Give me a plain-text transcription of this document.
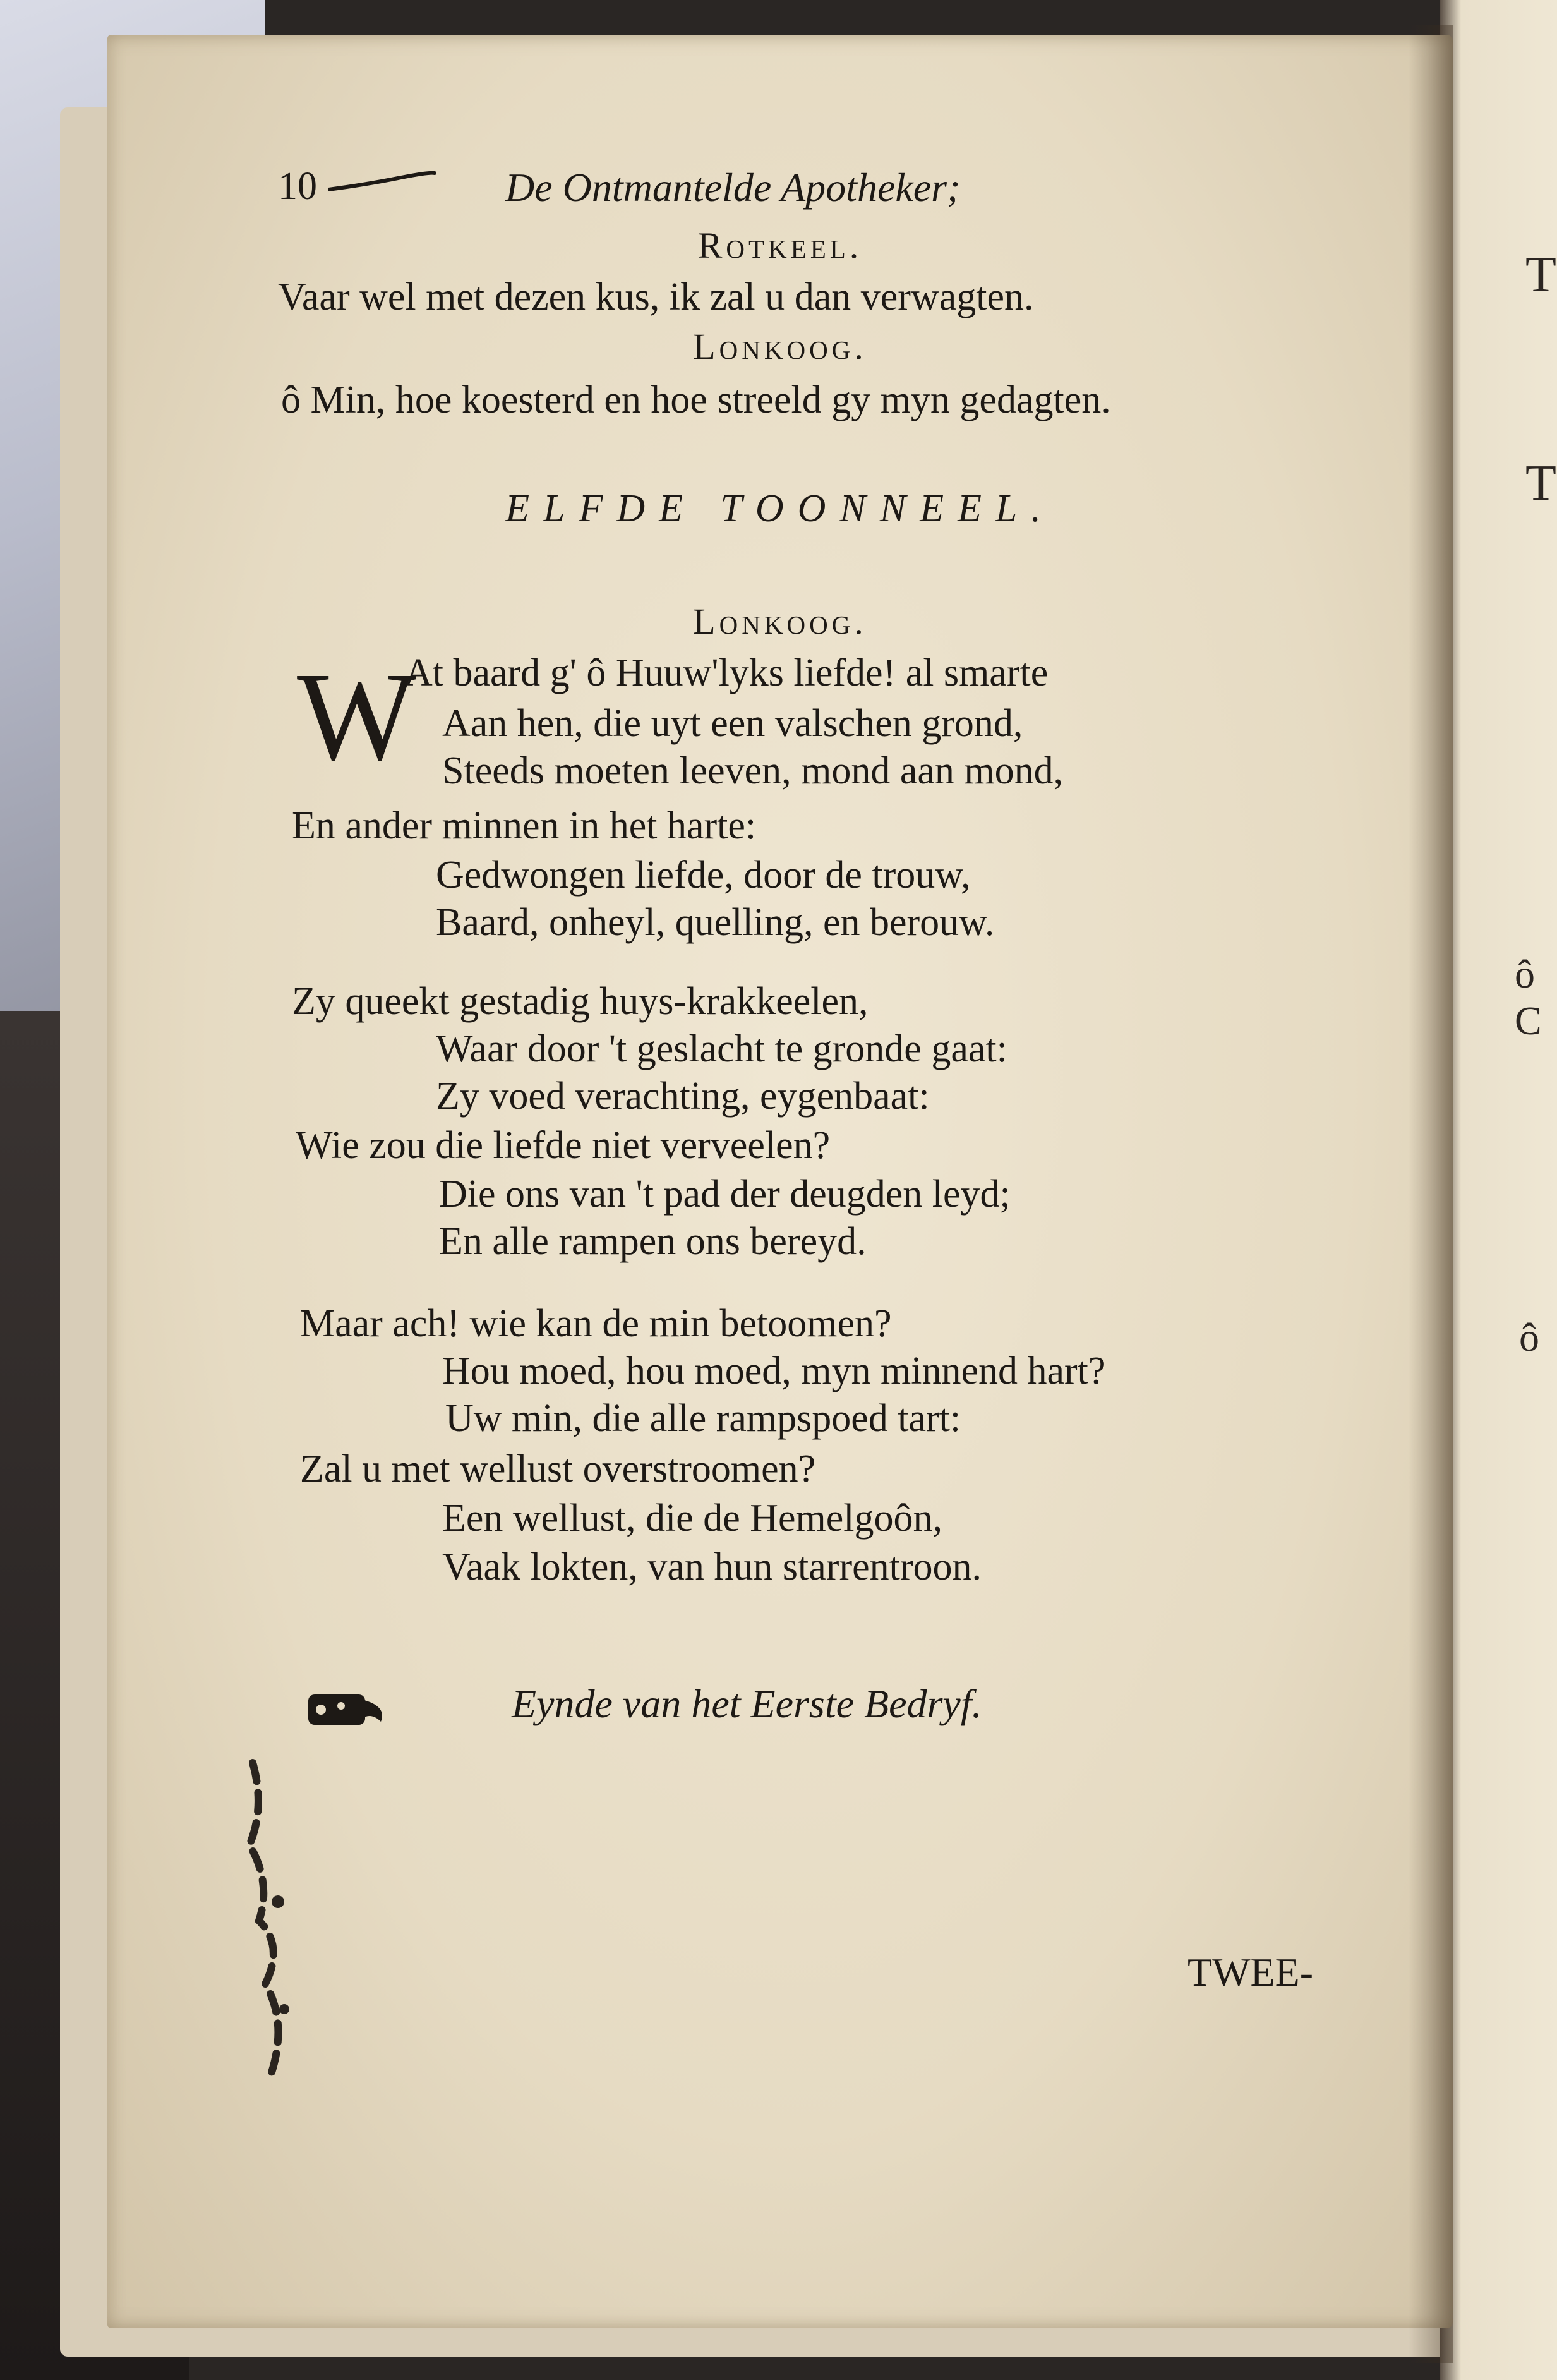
T
T
ô C
ô
10	De Ontmantelde Apotheker;
Rotkeel.
Vaar wel met dezen kus, ik zal u dan verwagten.
Lonkoog.
ô Min, hoe koesterd en hoe streeld gy myn gedagten.
ELFDE TOONNEEL.
Lonkoog.
W
At baard g' ô Huuw'lyks liefde! al smarte
Aan hen, die uyt een valschen grond,
Steeds moeten leeven, mond aan mond,
En ander minnen in het harte:
Gedwongen liefde, door de trouw,
Baard, onheyl, quelling, en berouw.
Zy queekt gestadig huys-krakkeelen,
Waar door 't geslacht te gronde gaat:
Zy voed verachting, eygenbaat:
Wie zou die liefde niet verveelen?
Die ons van 't pad der deugden leyd;
En alle rampen ons bereyd.
Maar ach! wie kan de min betoomen?
Hou moed, hou moed, myn minnend hart?
Uw min, die alle rampspoed tart:
Zal u met wellust overstroomen?
Een wellust, die de Hemelgoôn,
Vaak lokten, van hun starrentroon.
Eynde van het Eerste Bedryf.
TWEE-
